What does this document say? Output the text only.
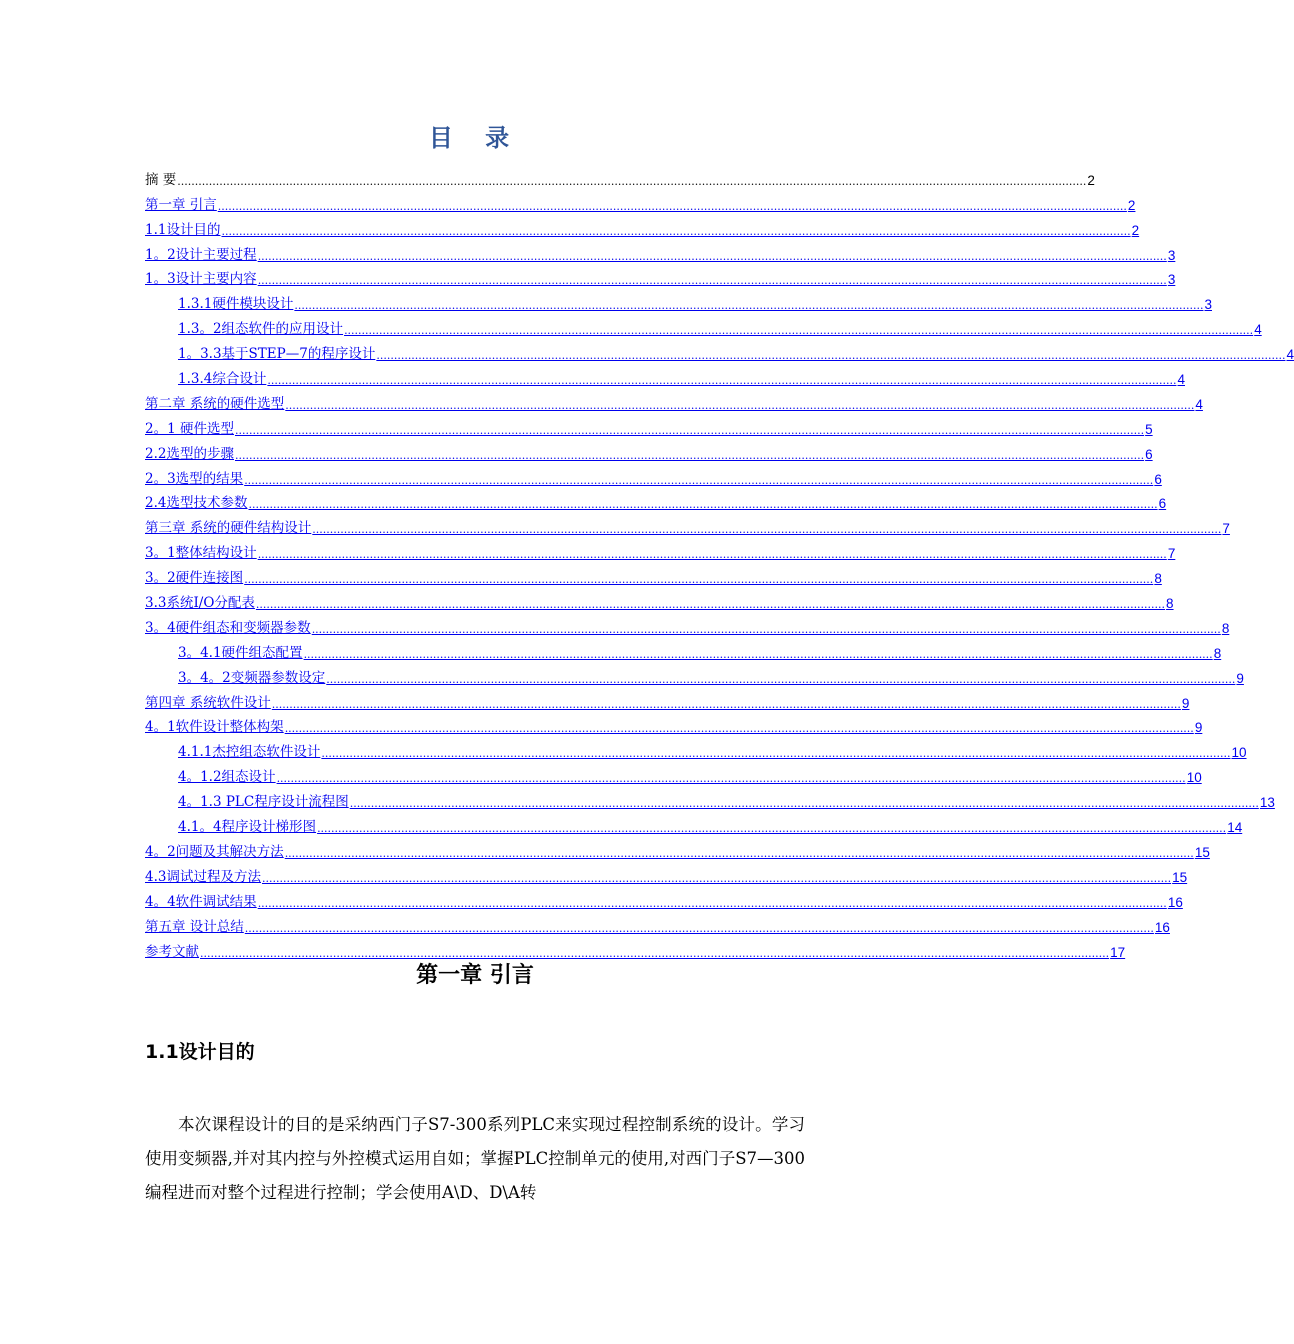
目 录
摘 要 .................................................................................................................................................................................................................................................................... 2
第一章 引言 .................................................................................................................................................................................................................................................................... 2
1.1设计目的 .................................................................................................................................................................................................................................................................... 2
1。2设计主要过程 .................................................................................................................................................................................................................................................................... 3
1。3设计主要内容 .................................................................................................................................................................................................................................................................... 3
1.3.1硬件模块设计 .................................................................................................................................................................................................................................................................... 3
1.3。2组态软件的应用设计 .................................................................................................................................................................................................................................................................... 4
1。3.3基于STEP—7的程序设计 .................................................................................................................................................................................................................................................................... 4
1.3.4综合设计 .................................................................................................................................................................................................................................................................... 4
第二章 系统的硬件选型 .................................................................................................................................................................................................................................................................... 4
2。1 硬件选型 .................................................................................................................................................................................................................................................................... 5
2.2选型的步骤 .................................................................................................................................................................................................................................................................... 6
2。3选型的结果 .................................................................................................................................................................................................................................................................... 6
2.4选型技术参数 .................................................................................................................................................................................................................................................................... 6
第三章 系统的硬件结构设计 .................................................................................................................................................................................................................................................................... 7
3。1整体结构设计 .................................................................................................................................................................................................................................................................... 7
3。2硬件连接图 .................................................................................................................................................................................................................................................................... 8
3.3系统I/O分配表 .................................................................................................................................................................................................................................................................... 8
3。4硬件组态和变频器参数 .................................................................................................................................................................................................................................................................... 8
3。4.1硬件组态配置 .................................................................................................................................................................................................................................................................... 8
3。4。2变频器参数设定 .................................................................................................................................................................................................................................................................... 9
第四章 系统软件设计 .................................................................................................................................................................................................................................................................... 9
4。1软件设计整体构架 .................................................................................................................................................................................................................................................................... 9
4.1.1杰控组态软件设计 .................................................................................................................................................................................................................................................................... 10
4。1.2组态设计 .................................................................................................................................................................................................................................................................... 10
4。1.3 PLC程序设计流程图 .................................................................................................................................................................................................................................................................... 13
4.1。4程序设计梯形图 .................................................................................................................................................................................................................................................................... 14
4。2问题及其解决方法 .................................................................................................................................................................................................................................................................... 15
4.3调试过程及方法 .................................................................................................................................................................................................................................................................... 15
4。4软件调试结果 .................................................................................................................................................................................................................................................................... 16
第五章 设计总结 .................................................................................................................................................................................................................................................................... 16
参考文献 .................................................................................................................................................................................................................................................................... 17
第一章 引言
1.1设计目的

本次课程设计的目的是采纳西门子S7-300系列PLC来实现过程控制系统的设计。学习使用变频器,并对其内控与外控模式运用自如；掌握PLC控制单元的使用,对西门子S7—300编程进而对整个过程进行控制；学会使用A\D、D\A转
